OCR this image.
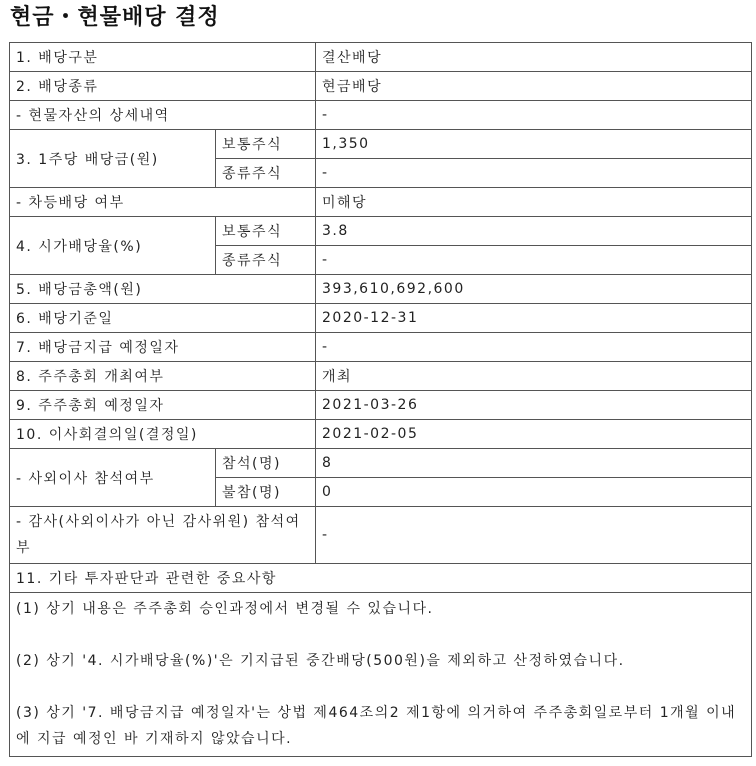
현금・현물배당 결정
1. 배당구분		결산배당
2. 배당종류		현금배당
- 현물자산의 상세내역		-
3. 1주당 배당금(원)	보통주식	1,350
	종류주식	-
- 차등배당 여부		미해당
4. 시가배당율(%)	보통주식	3.8
	종류주식	-
5. 배당금총액(원)		393,610,692,600
6. 배당기준일		2020-12-31
7. 배당금지급 예정일자		-
8. 주주총회 개최여부		개최
9. 주주총회 예정일자		2021-03-26
10. 이사회결의일(결정일)		2021-02-05
- 사외이사 참석여부	참석(명)	8
	불참(명)	0
- 감사(사외이사가 아닌 감사위원) 참석여부		-
11. 기타 투자판단과 관련한 중요사항		

(1) 상기 내용은 주주총회 승인과정에서 변경될 수 있습니다.
(2) 상기 '4. 시가배당율(%)'은 기지급된 중간배당(500원)을 제외하고 산정하였습니다.
(3) 상기 '7. 배당금지급 예정일자'는 상법 제464조의2 제1항에 의거하여 주주총회일로부터 1개월 이내에 지급 예정인 바 기재하지 않았습니다.		
